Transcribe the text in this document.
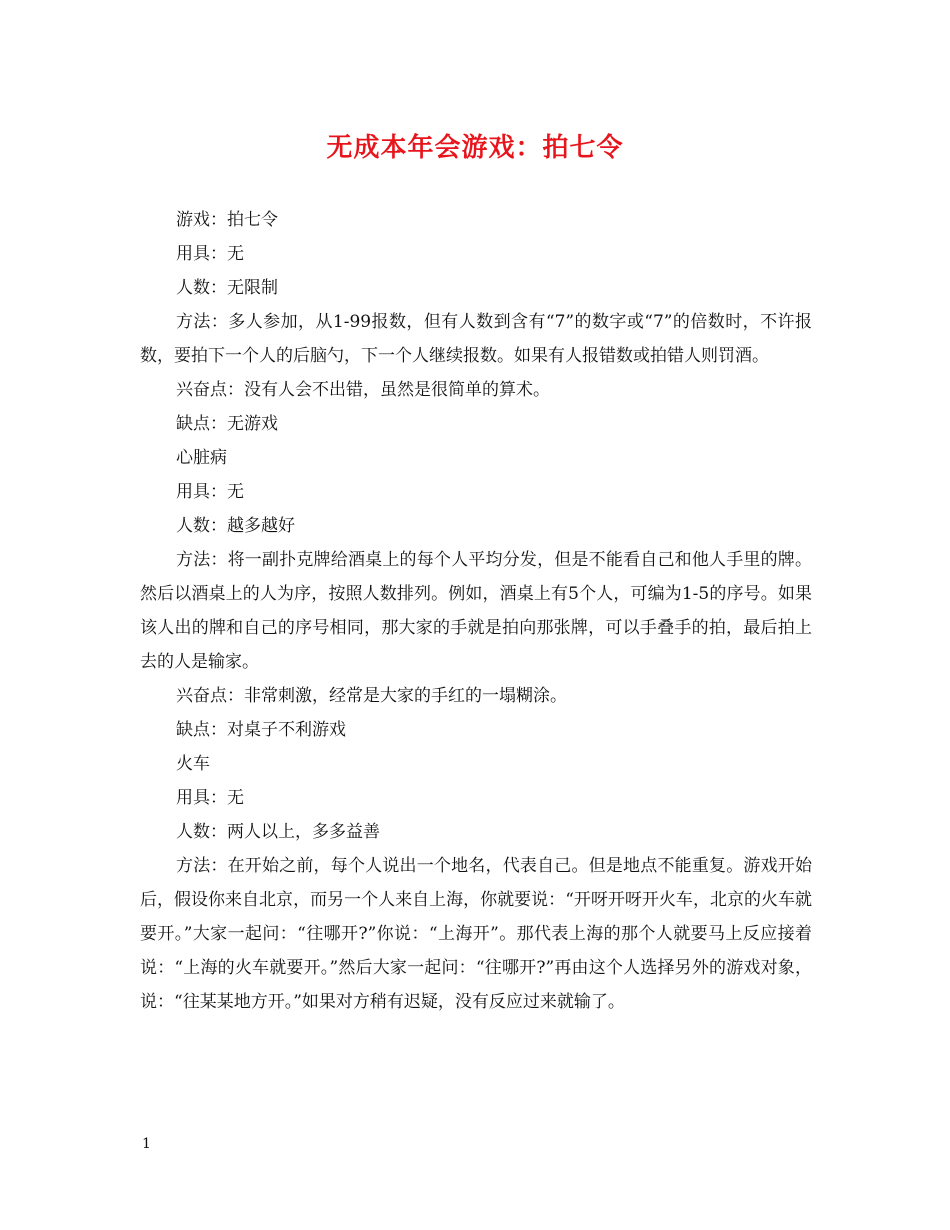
无成本年会游戏：拍七令

游戏：拍七令

用具：无

人数：无限制

方法：多人参加，从1-99报数，但有人数到含有“7”的数字或“7”的倍数时，不许报数，要拍下一个人的后脑勺，下一个人继续报数。如果有人报错数或拍错人则罚酒。

兴奋点：没有人会不出错，虽然是很简单的算术。

缺点：无游戏

心脏病

用具：无

人数：越多越好

方法：将一副扑克牌给酒桌上的每个人平均分发，但是不能看自己和他人手里的牌。然后以酒桌上的人为序，按照人数排列。例如，酒桌上有5个人，可编为1-5的序号。如果该人出的牌和自己的序号相同，那大家的手就是拍向那张牌，可以手叠手的拍，最后拍上去的人是输家。

兴奋点：非常刺激，经常是大家的手红的一塌糊涂。

缺点：对桌子不利游戏

火车

用具：无

人数：两人以上，多多益善

方法：在开始之前，每个人说出一个地名，代表自己。但是地点不能重复。游戏开始后，假设你来自北京，而另一个人来自上海，你就要说：“开呀开呀开火车，北京的火车就要开。”大家一起问：“往哪开?”你说：“上海开”。那代表上海的那个人就要马上反应接着说：“上海的火车就要开。”然后大家一起问：“往哪开?”再由这个人选择另外的游戏对象，说：“往某某地方开。”如果对方稍有迟疑，没有反应过来就输了。

1
